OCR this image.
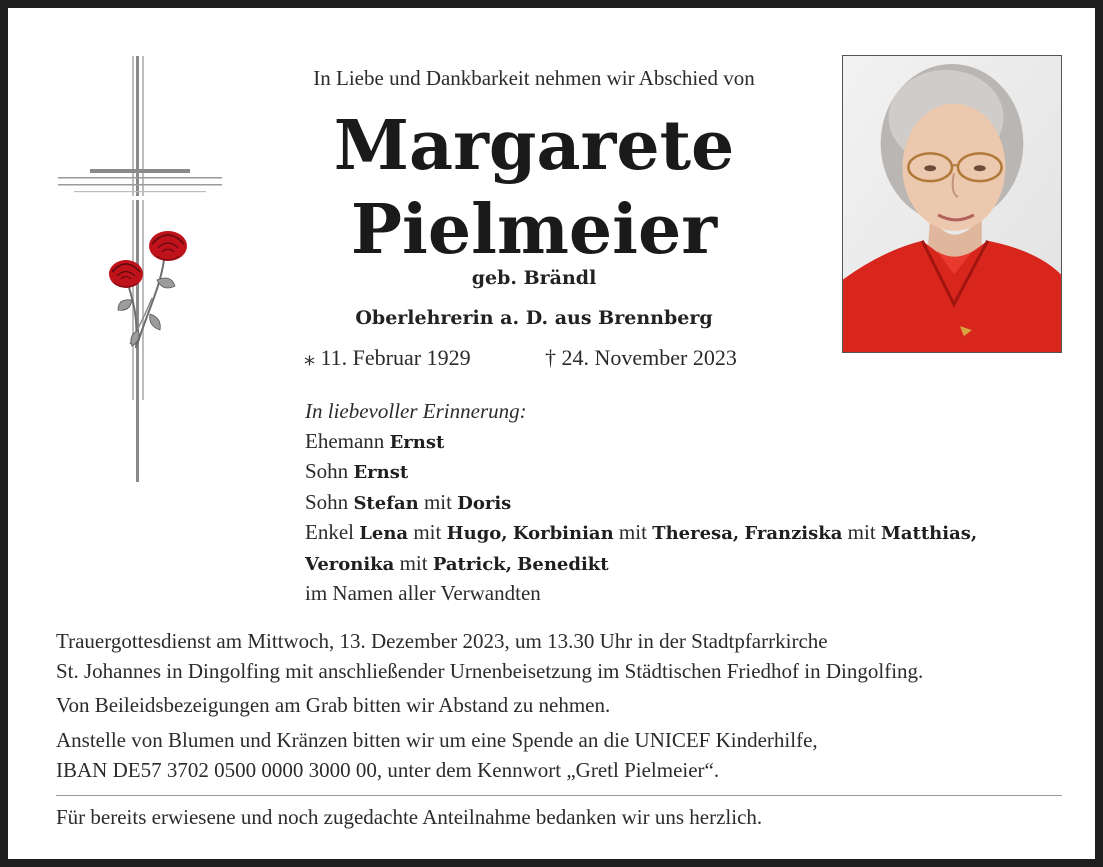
In Liebe und Dankbarkeit nehmen wir Abschied von
Margarete
Pielmeier
geb. Brändl
Oberlehrerin a. D. aus Brennberg
⁎ 11. Februar 1929	† 24. November 2023
In liebevoller Erinnerung:
Ehemann Ernst
Sohn Ernst
Sohn Stefan mit Doris
Enkel Lena mit Hugo, Korbinian mit Theresa, Franziska mit Matthias,
Veronika mit Patrick, Benedikt
im Namen aller Verwandten
Trauergottesdienst am Mittwoch, 13. Dezember 2023, um 13.30 Uhr in der Stadtpfarrkirche
St. Johannes in Dingolfing mit anschließender Urnenbeisetzung im Städtischen Friedhof in Dingolfing.
Von Beileidsbezeigungen am Grab bitten wir Abstand zu nehmen.
Anstelle von Blumen und Kränzen bitten wir um eine Spende an die UNICEF Kinderhilfe,
IBAN DE57 3702 0500 0000 3000 00, unter dem Kennwort „Gretl Pielmeier“.
Für bereits erwiesene und noch zugedachte Anteilnahme bedanken wir uns herzlich.
